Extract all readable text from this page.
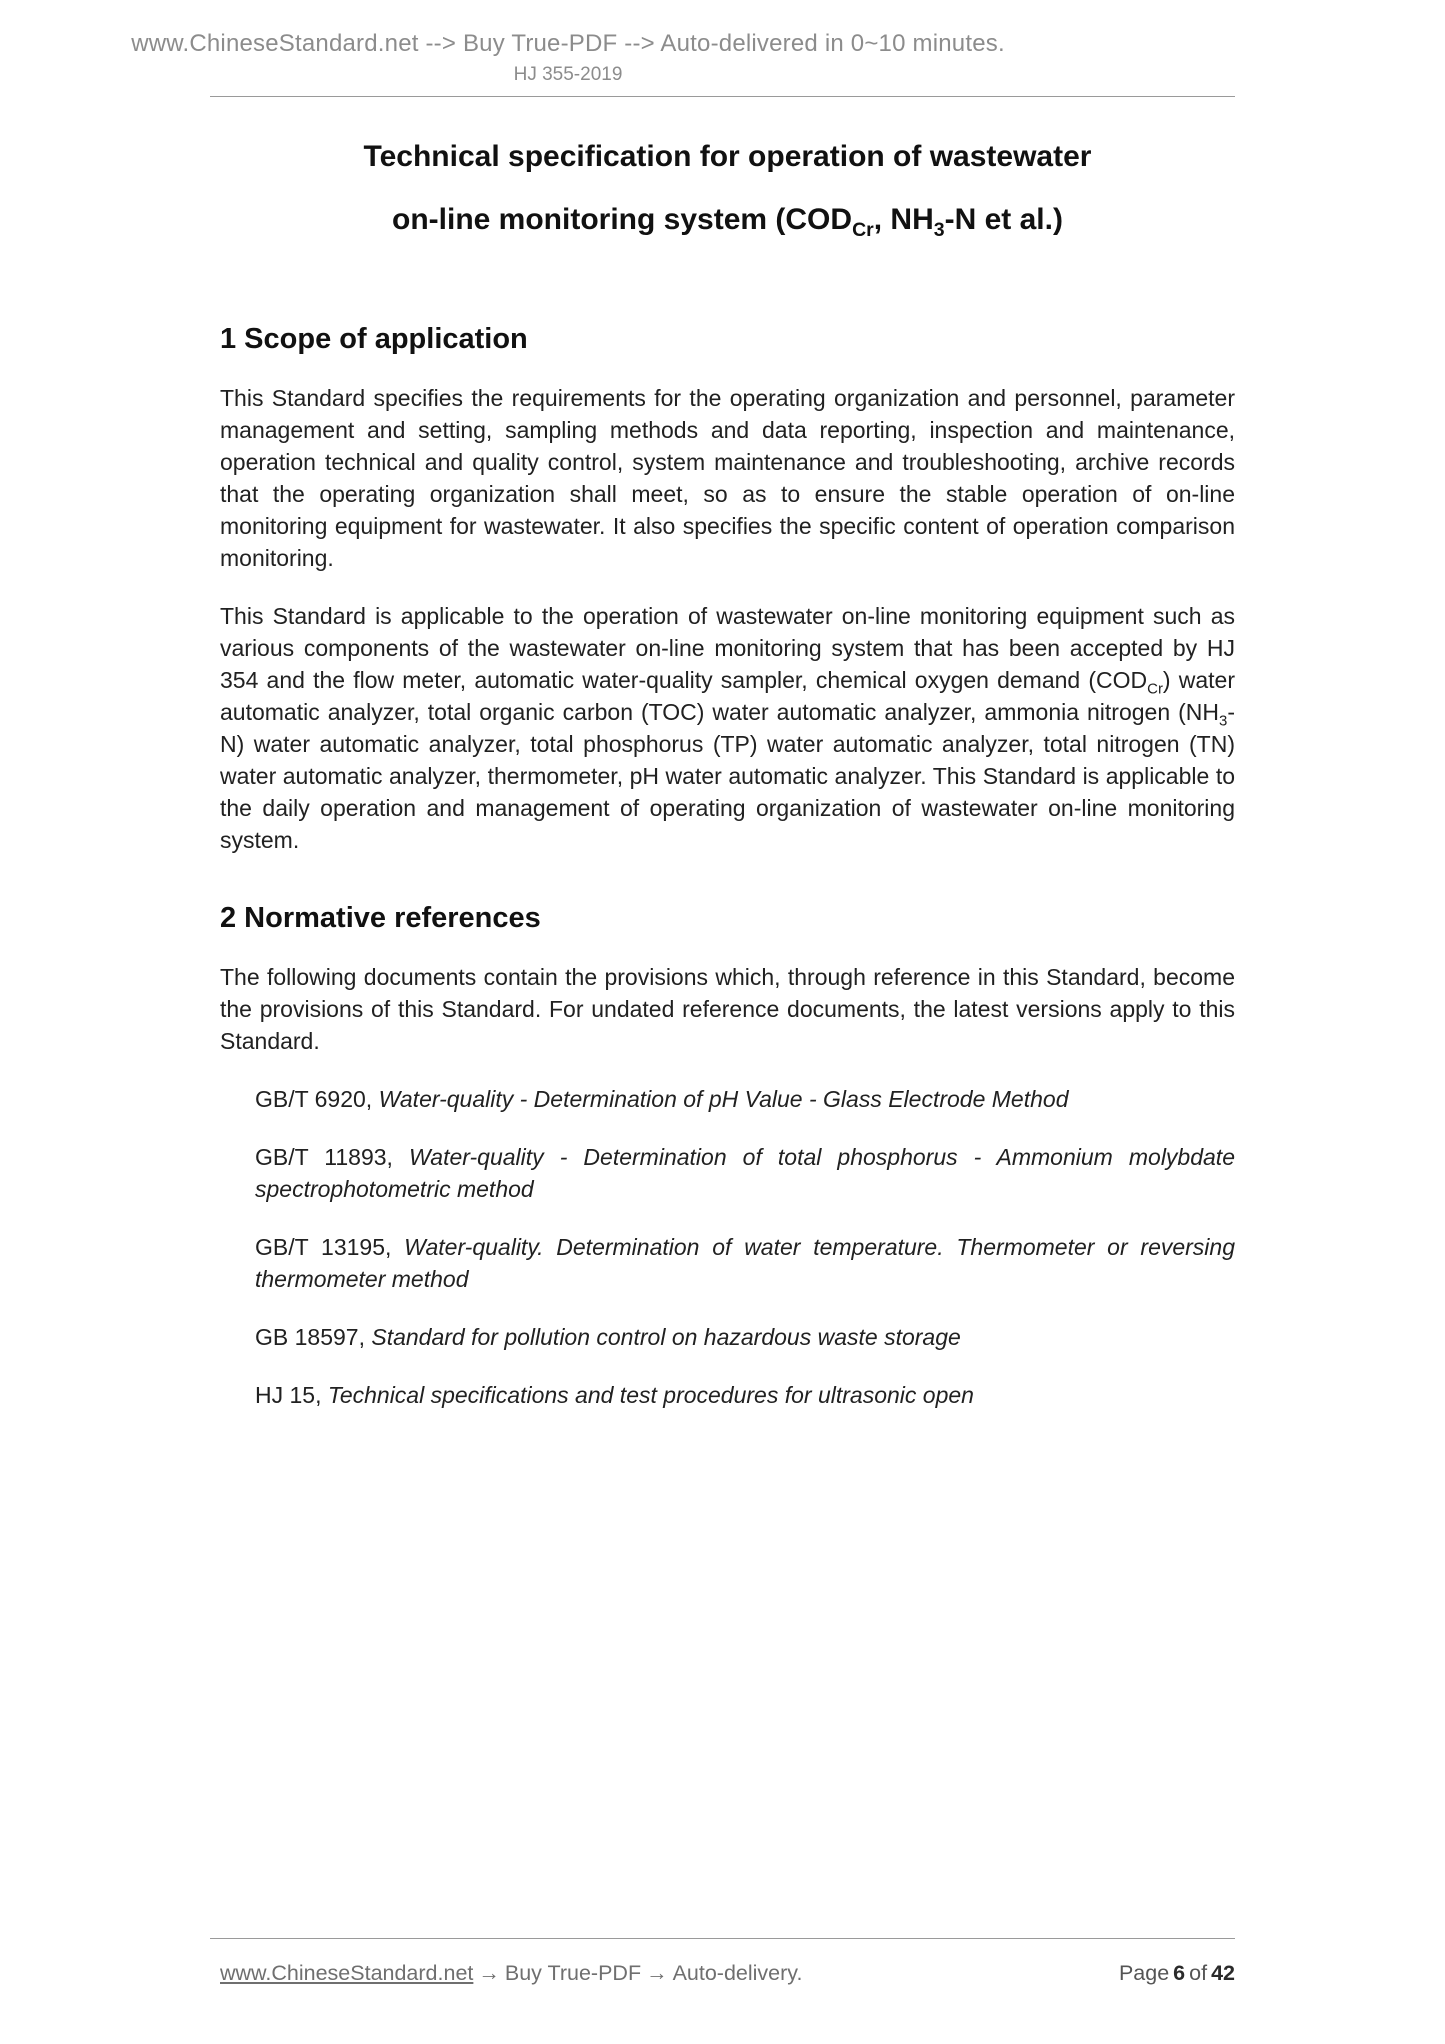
www.ChineseStandard.net --> Buy True-PDF --> Auto-delivered in 0~10 minutes.
HJ 355-2019
Technical specification for operation of wastewater
on-line monitoring system ($COD_{Cr}$, $NH_3-N$ et al.)
1 Scope of application

This Standard specifies the requirements for the operating organization and personnel, parameter management and setting, sampling methods and data reporting, inspection and maintenance, operation technical and quality control, system maintenance and troubleshooting, archive records that the operating organization shall meet, so as to ensure the stable operation of on-line monitoring equipment for wastewater. It also specifies the specific content of operation comparison monitoring.

This Standard is applicable to the operation of wastewater on-line monitoring equipment such as various components of the wastewater on-line monitoring system that has been accepted by HJ 354 and the flow meter, automatic water-quality sampler, chemical oxygen demand $(COD_{Cr})$ water automatic analyzer, total organic carbon (TOC) water automatic analyzer, ammonia nitrogen $(NH_3-N)$ water automatic analyzer, total phosphorus (TP) water automatic analyzer, total nitrogen (TN) water automatic analyzer, thermometer, pH water automatic analyzer. This Standard is applicable to the daily operation and management of operating organization of wastewater on-line monitoring system.

2 Normative references

The following documents contain the provisions which, through reference in this Standard, become the provisions of this Standard. For undated reference documents, the latest versions apply to this Standard.

GB/T 6920, Water-quality - Determination of pH Value - Glass Electrode Method

GB/T 11893, Water-quality - Determination of total phosphorus - Ammonium molybdate spectrophotometric method

GB/T 13195, Water-quality. Determination of water temperature. Thermometer or reversing thermometer method

GB 18597, Standard for pollution control on hazardous waste storage

HJ 15, Technical specifications and test procedures for ultrasonic open

www.ChineseStandard.net → Buy True-PDF → Auto-delivery.	Page 6 of 42
